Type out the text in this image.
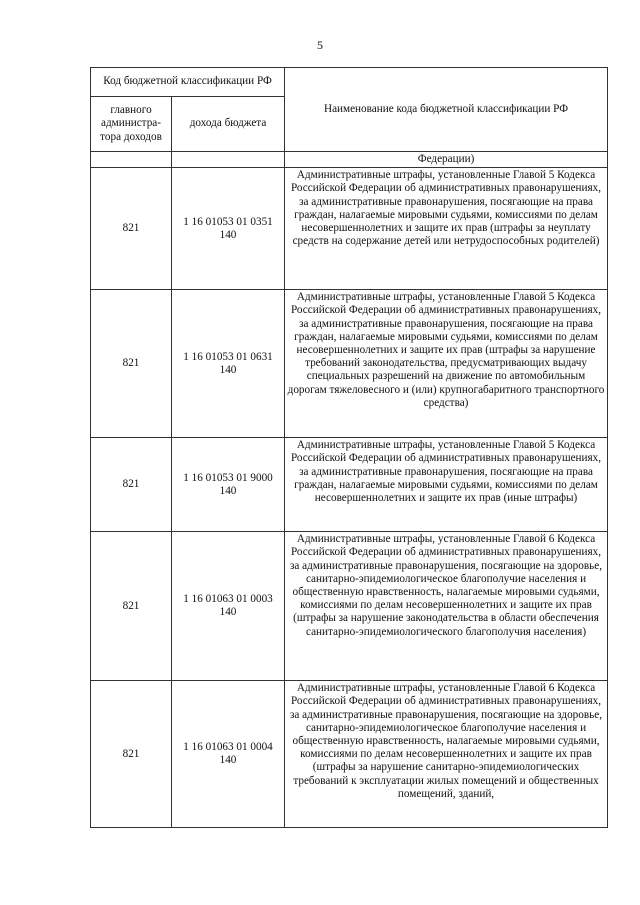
5
Код бюджетной классификации РФ		Наименование кода бюджетной классификации РФ
главного администра-тора доходов	дохода бюджета	
		Федерации)
821	1 16 01053 01 0351 140	Административные штрафы, установленные Главой 5 Кодекса Российской Федерации об административных правонарушениях, за административные правонарушения, посягающие на права граждан, налагаемые мировыми судьями, комиссиями по делам несовершеннолетних и защите их прав (штрафы за неуплату средств на содержание детей или нетрудоспособных родителей)
821	1 16 01053 01 0631 140	Административные штрафы, установленные Главой 5 Кодекса Российской Федерации об административных правонарушениях, за административные правонарушения, посягающие на права граждан, налагаемые мировыми судьями, комиссиями по делам несовершеннолетних и защите их прав (штрафы за нарушение требований законодательства, предусматривающих выдачу специальных разрешений на движение по автомобильным дорогам тяжеловесного и (или) крупногабаритного транспортного средства)
821	1 16 01053 01 9000 140	Административные штрафы, установленные Главой 5 Кодекса Российской Федерации об административных правонарушениях, за административные правонарушения, посягающие на права граждан, налагаемые мировыми судьями, комиссиями по делам несовершеннолетних и защите их прав (иные штрафы)
821	1 16 01063 01 0003 140	Административные штрафы, установленные Главой 6 Кодекса Российской Федерации об административных правонарушениях, за административные правонарушения, посягающие на здоровье, санитарно-эпидемиологическое благополучие населения и общественную нравственность, налагаемые мировыми судьями, комиссиями по делам несовершеннолетних и защите их прав (штрафы за нарушение законодательства в области обеспечения санитарно-эпидемиологического благополучия населения)
821	1 16 01063 01 0004 140	Административные штрафы, установленные Главой 6 Кодекса Российской Федерации об административных правонарушениях, за административные правонарушения, посягающие на здоровье, санитарно-эпидемиологическое благополучие населения и общественную нравственность, налагаемые мировыми судьями, комиссиями по делам несовершеннолетних и защите их прав (штрафы за нарушение санитарно-эпидемиологических требований к эксплуатации жилых помещений и общественных помещений, зданий,
